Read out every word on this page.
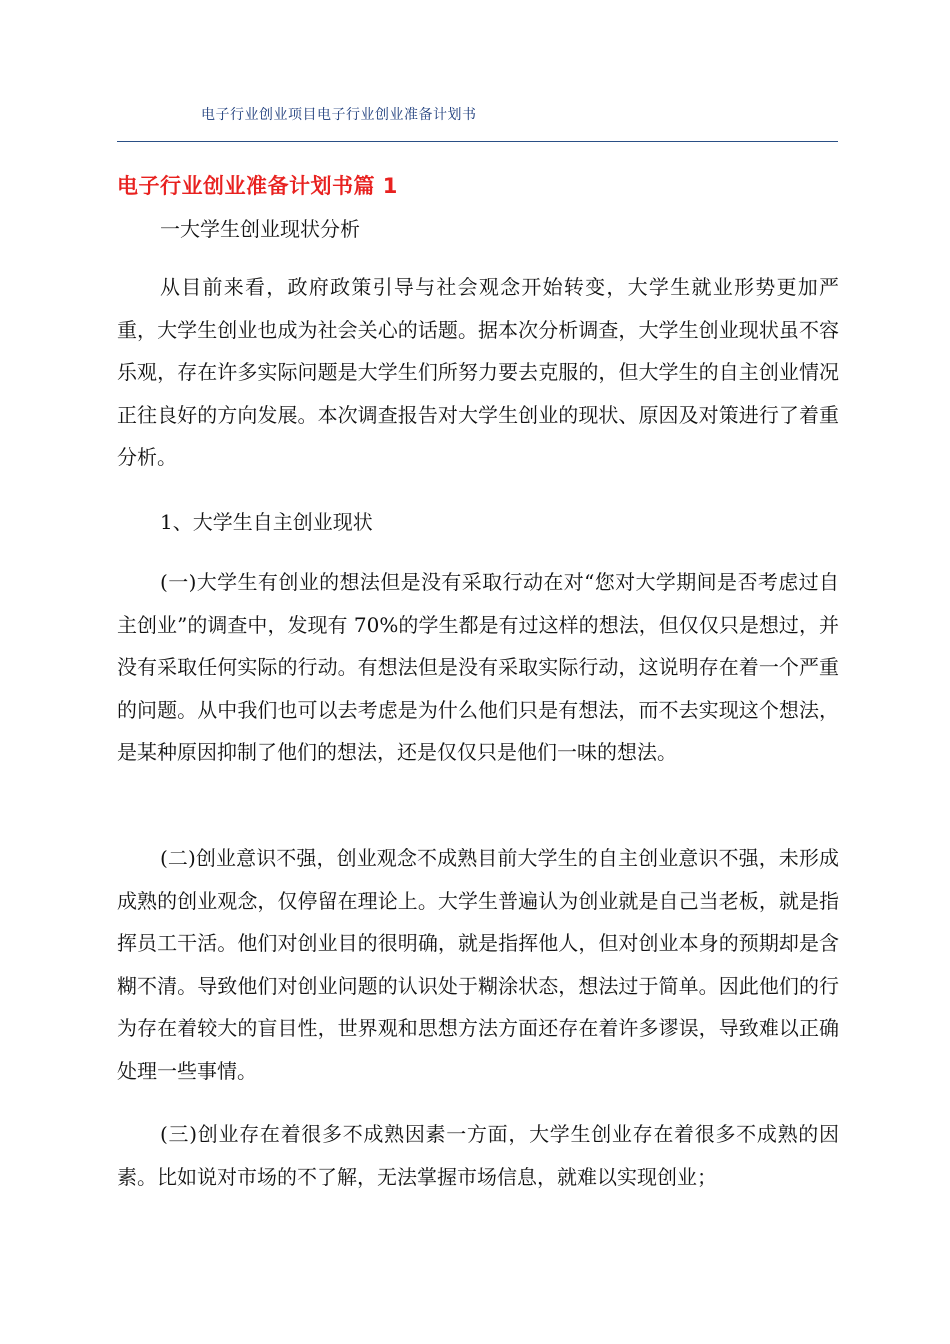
电子行业创业项目电子行业创业准备计划书
电子行业创业准备计划书篇 1
一大学生创业现状分析

从目前来看，政府政策引导与社会观念开始转变，大学生就业形势更加严重，大学生创业也成为社会关心的话题。据本次分析调查，大学生创业现状虽不容乐观，存在许多实际问题是大学生们所努力要去克服的，但大学生的自主创业情况正往良好的方向发展。本次调查报告对大学生创业的现状、原因及对策进行了着重分析。

1、大学生自主创业现状

(一)大学生有创业的想法但是没有采取行动在对“您对大学期间是否考虑过自主创业”的调查中，发现有 70%的学生都是有过这样的想法，但仅仅只是想过，并没有采取任何实际的行动。有想法但是没有采取实际行动，这说明存在着一个严重的问题。从中我们也可以去考虑是为什么他们只是有想法，而不去实现这个想法，是某种原因抑制了他们的想法，还是仅仅只是他们一味的想法。

(二)创业意识不强，创业观念不成熟目前大学生的自主创业意识不强，未形成成熟的创业观念，仅停留在理论上。大学生普遍认为创业就是自己当老板，就是指挥员工干活。他们对创业目的很明确，就是指挥他人，但对创业本身的预期却是含糊不清。导致他们对创业问题的认识处于糊涂状态，想法过于简单。因此他们的行为存在着较大的盲目性，世界观和思想方法方面还存在着许多谬误，导致难以正确处理一些事情。

(三)创业存在着很多不成熟因素一方面，大学生创业存在着很多不成熟的因素。比如说对市场的不了解，无法掌握市场信息，就难以实现创业；
